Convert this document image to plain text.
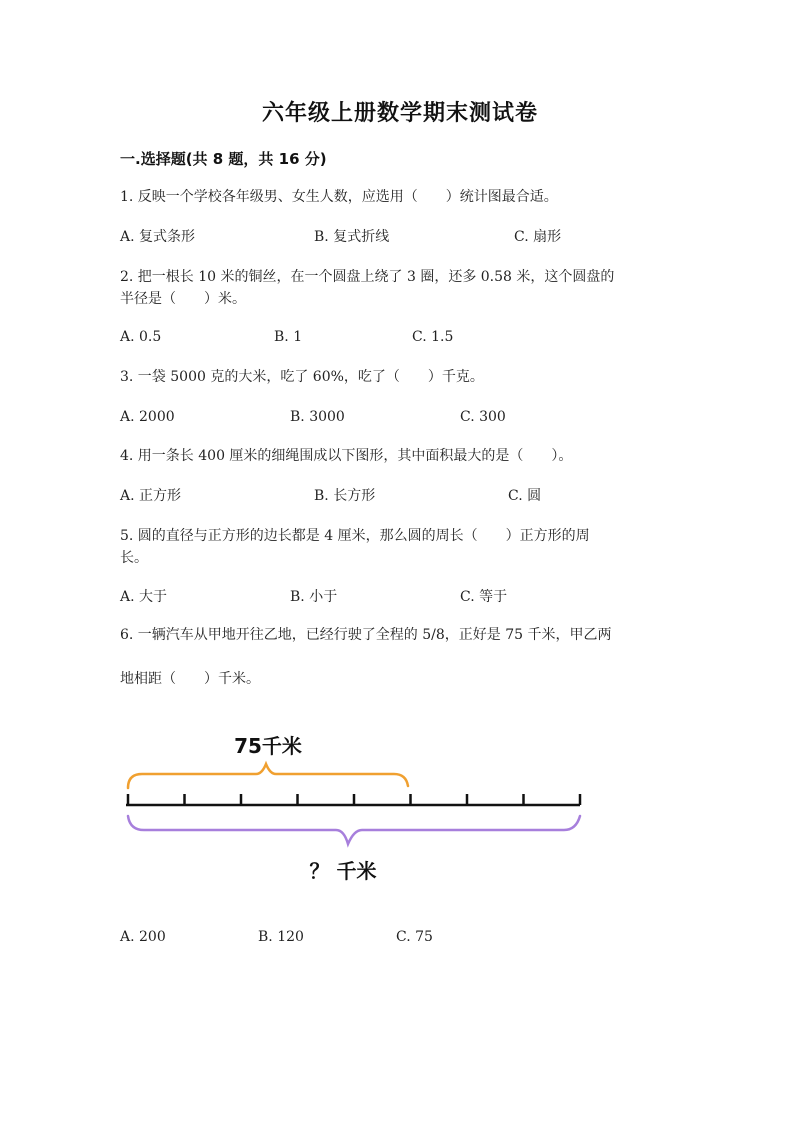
六年级上册数学期末测试卷
一.选择题(共 8 题，共 16 分)
1. 反映一个学校各年级男、女生人数，应选用（　　）统计图最合适。
A. 复式条形	B. 复式折线	C. 扇形
2. 把一根长 10 米的铜丝，在一个圆盘上绕了 3 圈，还多 0.58 米，这个圆盘的
半径是（　　）米。
A. 0.5	B. 1	C. 1.5
3. 一袋 5000 克的大米，吃了 60%，吃了（　　）千克。
A. 2000	B. 3000	C. 300
4. 用一条长 400 厘米的细绳围成以下图形，其中面积最大的是（　　）。
A. 正方形	B. 长方形	C. 圆
5. 圆的直径与正方形的边长都是 4 厘米，那么圆的周长（　　）正方形的周
长。
A. 大于	B. 小于	C. 等于
6. 一辆汽车从甲地开往乙地，已经行驶了全程的 5/8，正好是 75 千米，甲乙两
地相距（　　）千米。
75千米
？ 千米
A. 200	B. 120	C. 75
